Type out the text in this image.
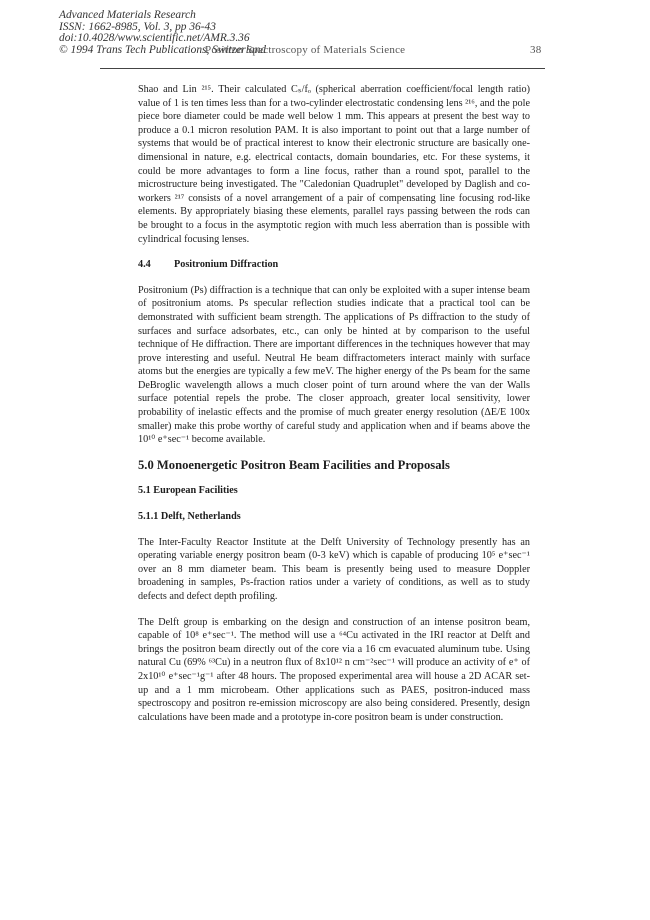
Advanced Materials Research
ISSN: 1662-8985, Vol. 3, pp 36-43
doi:10.4028/www.scientific.net/AMR.3.36
© 1994 Trans Tech Publications, Switzerland
Positron Spectroscopy of Materials Science	38

Shao and Lin ²¹⁵. Their calculated Cₛ/fₒ (spherical aberration coefficient/focal length ratio) value of 1 is ten times less than for a two-cylinder electrostatic condensing lens ²¹⁶, and the pole piece bore diameter could be made well below 1 mm. This appears at present the best way to produce a 0.1 micron resolution PAM. It is also important to point out that a large number of systems that would be of practical interest to know their electronic structure are basically one-dimensional in nature, e.g. electrical contacts, domain boundaries, etc. For these systems, it could be more advantages to form a line focus, rather than a round spot, parallel to the microstructure being investigated. The "Caledonian Quadruplet" developed by Daglish and co-workers ²¹⁷ consists of a novel arrangement of a pair of compensating line focusing rod-like elements. By appropriately biasing these elements, parallel rays passing between the rods can be brought to a focus in the asymptotic region with much less aberration than is possible with cylindrical focusing lenses.

4.4 Positronium Diffraction

Positronium (Ps) diffraction is a technique that can only be exploited with a super intense beam of positronium atoms. Ps specular reflection studies indicate that a practical tool can be demonstrated with sufficient beam strength. The applications of Ps diffraction to the study of surfaces and surface adsorbates, etc., can only be hinted at by comparison to the useful technique of He diffraction. There are important differences in the techniques however that may prove interesting and useful. Neutral He beam diffractometers interact mainly with surface atoms but the energies are typically a few meV. The higher energy of the Ps beam for the same DeBroglic wavelength allows a much closer point of turn around where the van der Walls surface potential repels the probe. The closer approach, greater local sensitivity, lower probability of inelastic effects and the promise of much greater energy resolution (ΔE/E 100x smaller) make this probe worthy of careful study and application when and if beams above the 10¹⁰ e⁺sec⁻¹ become available.

5.0 Monoenergetic Positron Beam Facilities and Proposals
5.1 European Facilities
5.1.1 Delft, Netherlands

The Inter-Faculty Reactor Institute at the Delft University of Technology presently has an operating variable energy positron beam (0-3 keV) which is capable of producing 10⁵ e⁺sec⁻¹ over an 8 mm diameter beam. This beam is presently being used to measure Doppler broadening in samples, Ps-fraction ratios under a variety of conditions, as well as to study defects and defect depth profiling.

The Delft group is embarking on the design and construction of an intense positron beam, capable of 10⁸ e⁺sec⁻¹. The method will use a ⁶⁴Cu activated in the IRI reactor at Delft and brings the positron beam directly out of the core via a 16 cm evacuated aluminum tube. Using natural Cu (69% ⁶³Cu) in a neutron flux of 8x10¹² n cm⁻²sec⁻¹ will produce an activity of e⁺ of 2x10¹⁰ e⁺sec⁻¹g⁻¹ after 48 hours. The proposed experimental area will house a 2D ACAR set-up and a 1 mm microbeam. Other applications such as PAES, positron-induced mass spectroscopy and positron re-emission microscopy are also being considered. Presently, design calculations have been made and a prototype in-core positron beam is under construction.
